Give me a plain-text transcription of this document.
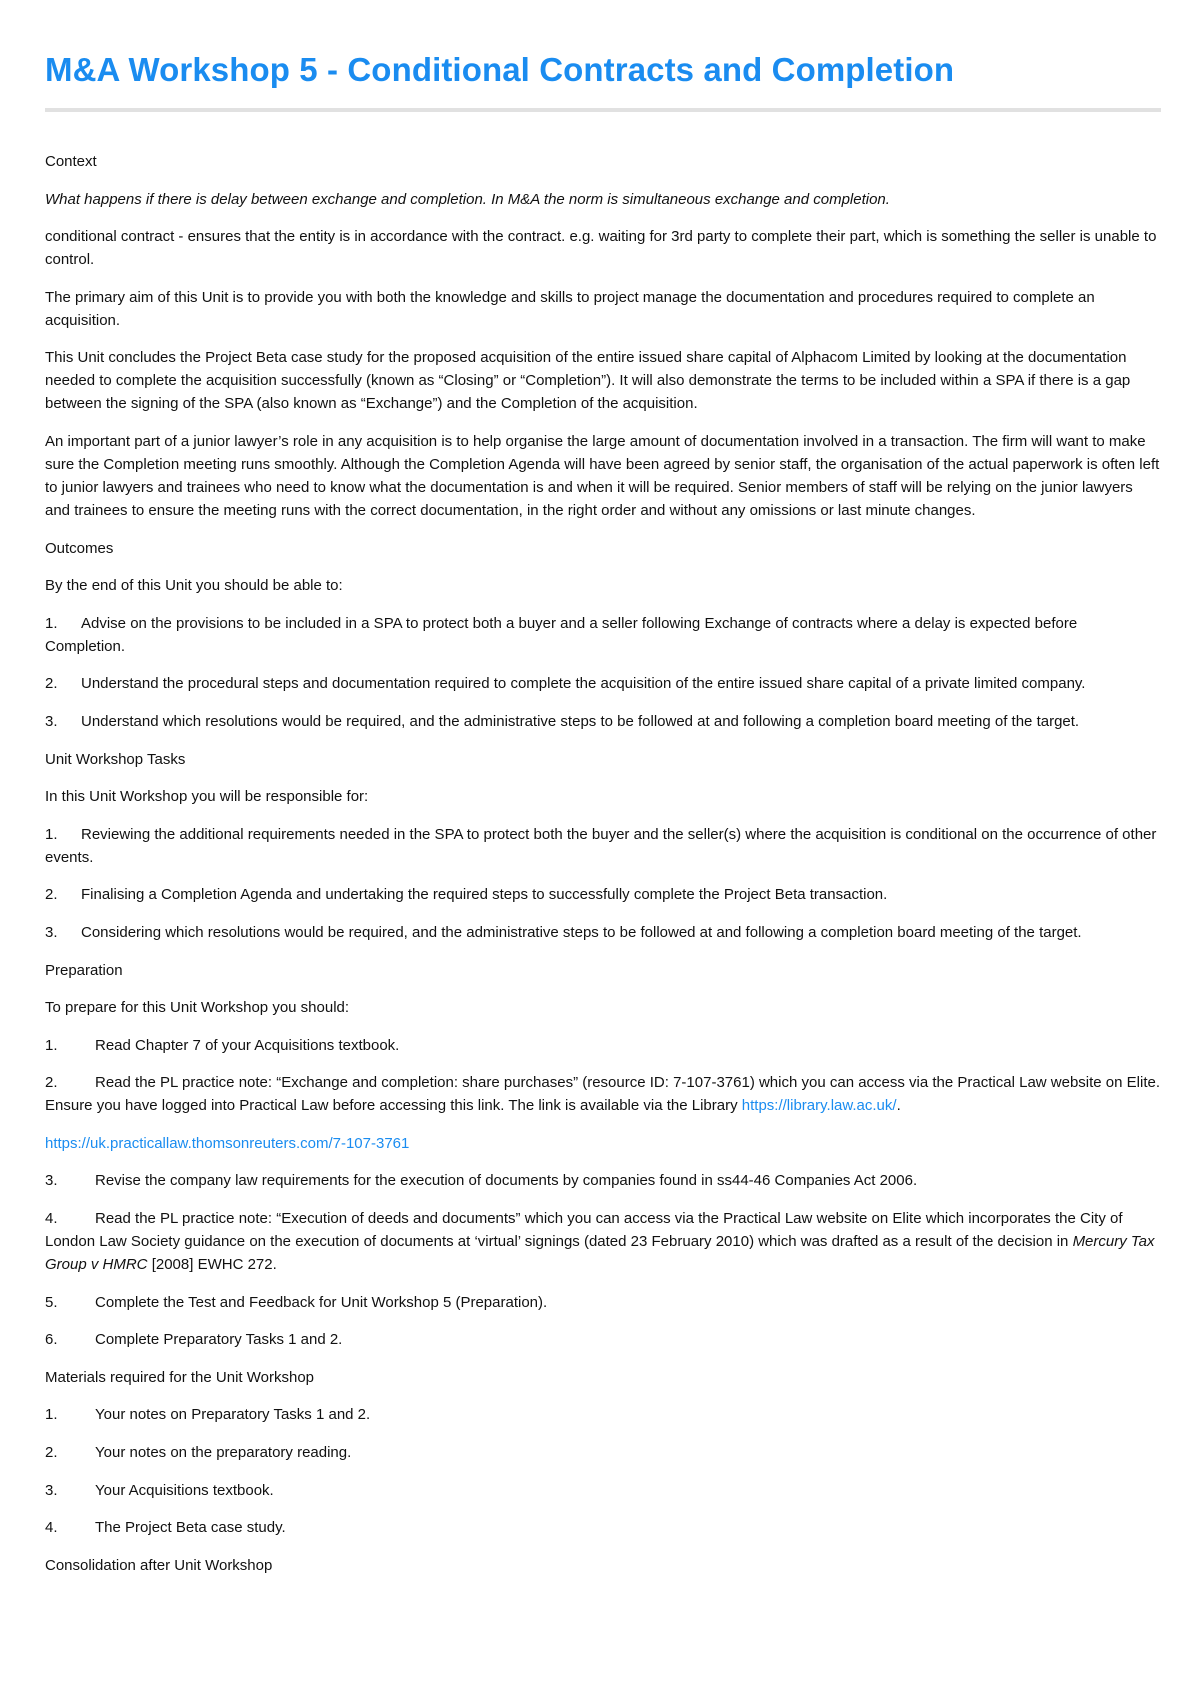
M&A Workshop 5 - Conditional Contracts and Completion

Context

What happens if there is delay between exchange and completion. In M&A the norm is simultaneous exchange and completion.

conditional contract - ensures that the entity is in accordance with the contract. e.g. waiting for 3rd party to complete their part, which is something the seller is unable to control.

The primary aim of this Unit is to provide you with both the knowledge and skills to project manage the documentation and procedures required to complete an acquisition.

This Unit concludes the Project Beta case study for the proposed acquisition of the entire issued share capital of Alphacom Limited by looking at the documentation needed to complete the acquisition successfully (known as “Closing” or “Completion”). It will also demonstrate the terms to be included within a SPA if there is a gap between the signing of the SPA (also known as “Exchange”) and the Completion of the acquisition.

An important part of a junior lawyer’s role in any acquisition is to help organise the large amount of documentation involved in a transaction. The firm will want to make sure the Completion meeting runs smoothly. Although the Completion Agenda will have been agreed by senior staff, the organisation of the actual paperwork is often left to junior lawyers and trainees who need to know what the documentation is and when it will be required. Senior members of staff will be relying on the junior lawyers and trainees to ensure the meeting runs with the correct documentation, in the right order and without any omissions or last minute changes.

Outcomes

By the end of this Unit you should be able to:

1. Advise on the provisions to be included in a SPA to protect both a buyer and a seller following Exchange of contracts where a delay is expected before Completion.

2. Understand the procedural steps and documentation required to complete the acquisition of the entire issued share capital of a private limited company.

3. Understand which resolutions would be required, and the administrative steps to be followed at and following a completion board meeting of the target.

Unit Workshop Tasks

In this Unit Workshop you will be responsible for:

1. Reviewing the additional requirements needed in the SPA to protect both the buyer and the seller(s) where the acquisition is conditional on the occurrence of other events.

2. Finalising a Completion Agenda and undertaking the required steps to successfully complete the Project Beta transaction.

3. Considering which resolutions would be required, and the administrative steps to be followed at and following a completion board meeting of the target.

Preparation

To prepare for this Unit Workshop you should:

1. Read Chapter 7 of your Acquisitions textbook.

2. Read the PL practice note: “Exchange and completion: share purchases” (resource ID: 7-107-3761) which you can access via the Practical Law website on Elite. Ensure you have logged into Practical Law before accessing this link. The link is available via the Library https://library.law.ac.uk/.

https://uk.practicallaw.thomsonreuters.com/7-107-3761

3. Revise the company law requirements for the execution of documents by companies found in ss44-46 Companies Act 2006.

4. Read the PL practice note: “Execution of deeds and documents” which you can access via the Practical Law website on Elite which incorporates the City of London Law Society guidance on the execution of documents at ‘virtual’ signings (dated 23 February 2010) which was drafted as a result of the decision in Mercury Tax Group v HMRC [2008] EWHC 272.

5. Complete the Test and Feedback for Unit Workshop 5 (Preparation).

6. Complete Preparatory Tasks 1 and 2.

Materials required for the Unit Workshop

1. Your notes on Preparatory Tasks 1 and 2.

2. Your notes on the preparatory reading.

3. Your Acquisitions textbook.

4. The Project Beta case study.

Consolidation after Unit Workshop
